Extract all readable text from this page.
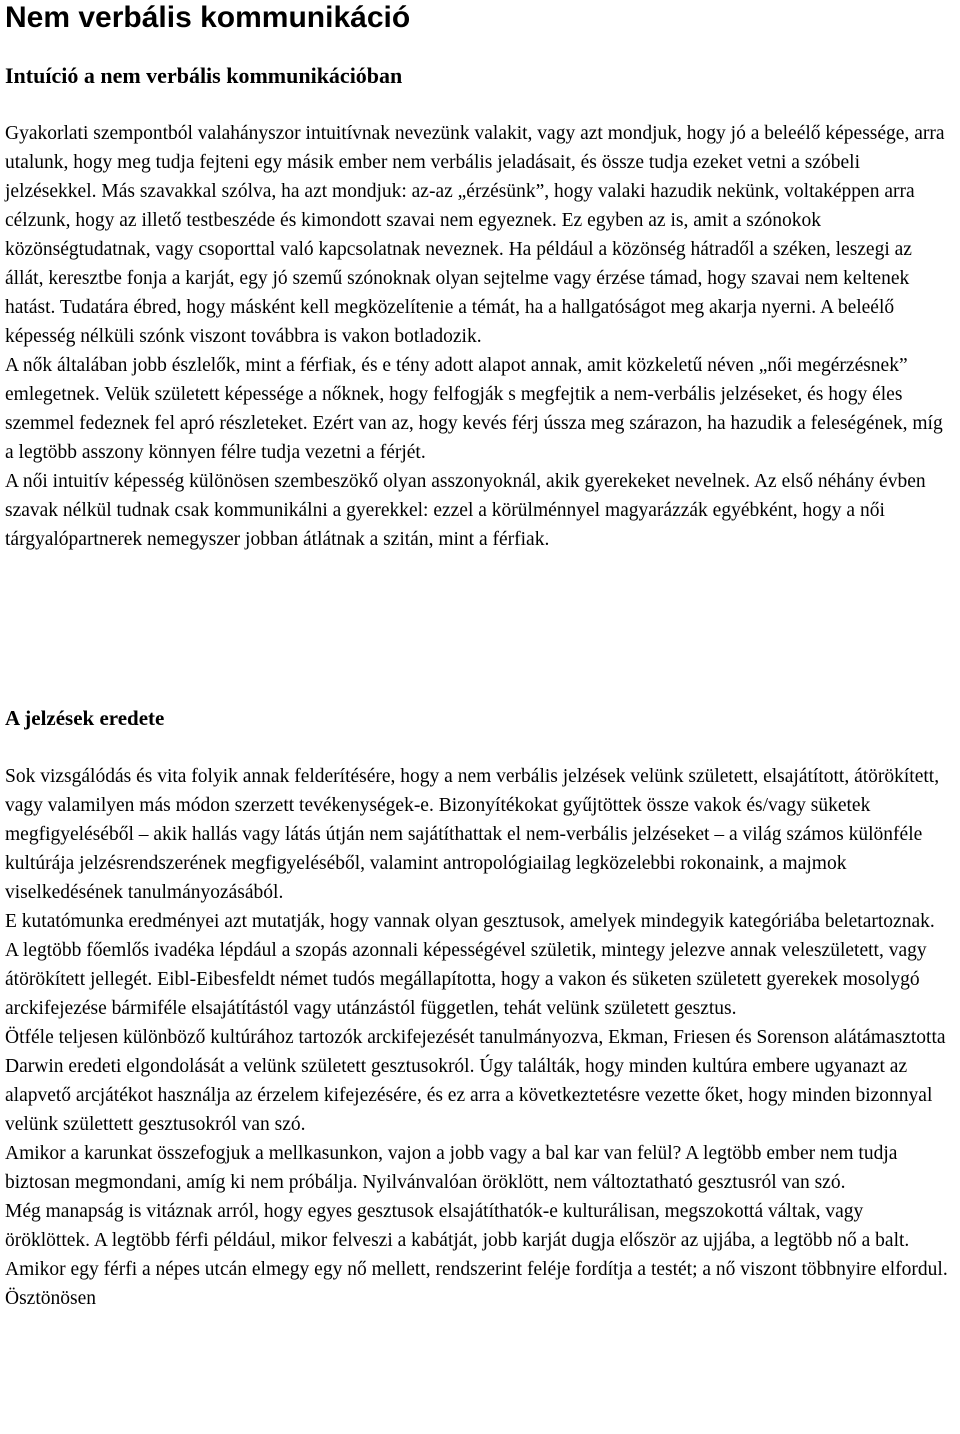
Nem verbális kommunikáció
Intuíció a nem verbális kommunikációban

Gyakorlati szempontból valahányszor intuitívnak nevezünk valakit, vagy azt mondjuk, hogy jó a beleélő képessége, arra utalunk, hogy meg tudja fejteni egy másik ember nem verbális jeladásait, és össze tudja ezeket vetni a szóbeli jelzésekkel. Más szavakkal szólva, ha azt mondjuk: az-az „érzésünk”, hogy valaki hazudik nekünk, voltaképpen arra célzunk, hogy az illető testbeszéde és kimondott szavai nem egyeznek. Ez egyben az is, amit a szónokok közönségtudatnak, vagy csoporttal való kapcsolatnak neveznek. Ha például a közönség hátradől a széken, leszegi az állát, keresztbe fonja a karját, egy jó szemű szónoknak olyan sejtelme vagy érzése támad, hogy szavai nem keltenek hatást. Tudatára ébred, hogy másként kell megközelítenie a témát, ha a hallgatóságot meg akarja nyerni. A beleélő képesség nélküli szónk viszont továbbra is vakon botladozik.

A nők általában jobb észlelők, mint a férfiak, és e tény adott alapot annak, amit közkeletű néven „női megérzésnek” emlegetnek. Velük született képessége a nőknek, hogy felfogják s megfejtik a nem-verbális jelzéseket, és hogy éles szemmel fedeznek fel apró részleteket. Ezért van az, hogy kevés férj ússza meg szárazon, ha hazudik a feleségének, míg a legtöbb asszony könnyen félre tudja vezetni a férjét.

A női intuitív képesség különösen szembeszökő olyan asszonyoknál, akik gyerekeket nevelnek. Az első néhány évben szavak nélkül tudnak csak kommunikálni a gyerekkel: ezzel a körülménnyel magyarázzák egyébként, hogy a női tárgyalópartnerek nemegyszer jobban átlátnak a szitán, mint a férfiak.

A jelzések eredete

Sok vizsgálódás és vita folyik annak felderítésére, hogy a nem verbális jelzések velünk született, elsajátított, átörökített, vagy valamilyen más módon szerzett tevékenységek-e. Bizonyítékokat gyűjtöttek össze vakok és/vagy süketek megfigyeléséből – akik hallás vagy látás útján nem sajátíthattak el nem-verbális jelzéseket – a világ számos különféle kultúrája jelzésrendszerének megfigyeléséből, valamint antropológiailag legközelebbi rokonaink, a majmok viselkedésének tanulmányozásából.

E kutatómunka eredményei azt mutatják, hogy vannak olyan gesztusok, amelyek mindegyik kategóriába beletartoznak. A legtöbb főemlős ivadéka lépdául a szopás azonnali képességével születik, mintegy jelezve annak veleszületett, vagy átörökített jellegét. Eibl-Eibesfeldt német tudós megállapította, hogy a vakon és süketen született gyerekek mosolygó arckifejezése bármiféle elsajátítástól vagy utánzástól független, tehát velünk született gesztus.

Ötféle teljesen különböző kultúrához tartozók arckifejezését tanulmányozva, Ekman, Friesen és Sorenson alátámasztotta Darwin eredeti elgondolását a velünk született gesztusokról. Úgy találták, hogy minden kultúra embere ugyanazt az alapvető arcjátékot használja az érzelem kifejezésére, és ez arra a következtetésre vezette őket, hogy minden bizonnyal velünk születtett gesztusokról van szó.

Amikor a karunkat összefogjuk a mellkasunkon, vajon a jobb vagy a bal kar van felül? A legtöbb ember nem tudja biztosan megmondani, amíg ki nem próbálja. Nyilvánvalóan öröklött, nem változtatható gesztusról van szó.

Még manapság is vitáznak arról, hogy egyes gesztusok elsajátíthatók-e kulturálisan, megszokottá váltak, vagy öröklöttek. A legtöbb férfi például, mikor felveszi a kabátját, jobb karját dugja először az ujjába, a legtöbb nő a balt. Amikor egy férfi a népes utcán elmegy egy nő mellett, rendszerint feléje fordítja a testét; a nő viszont többnyire elfordul. Ösztönösen
